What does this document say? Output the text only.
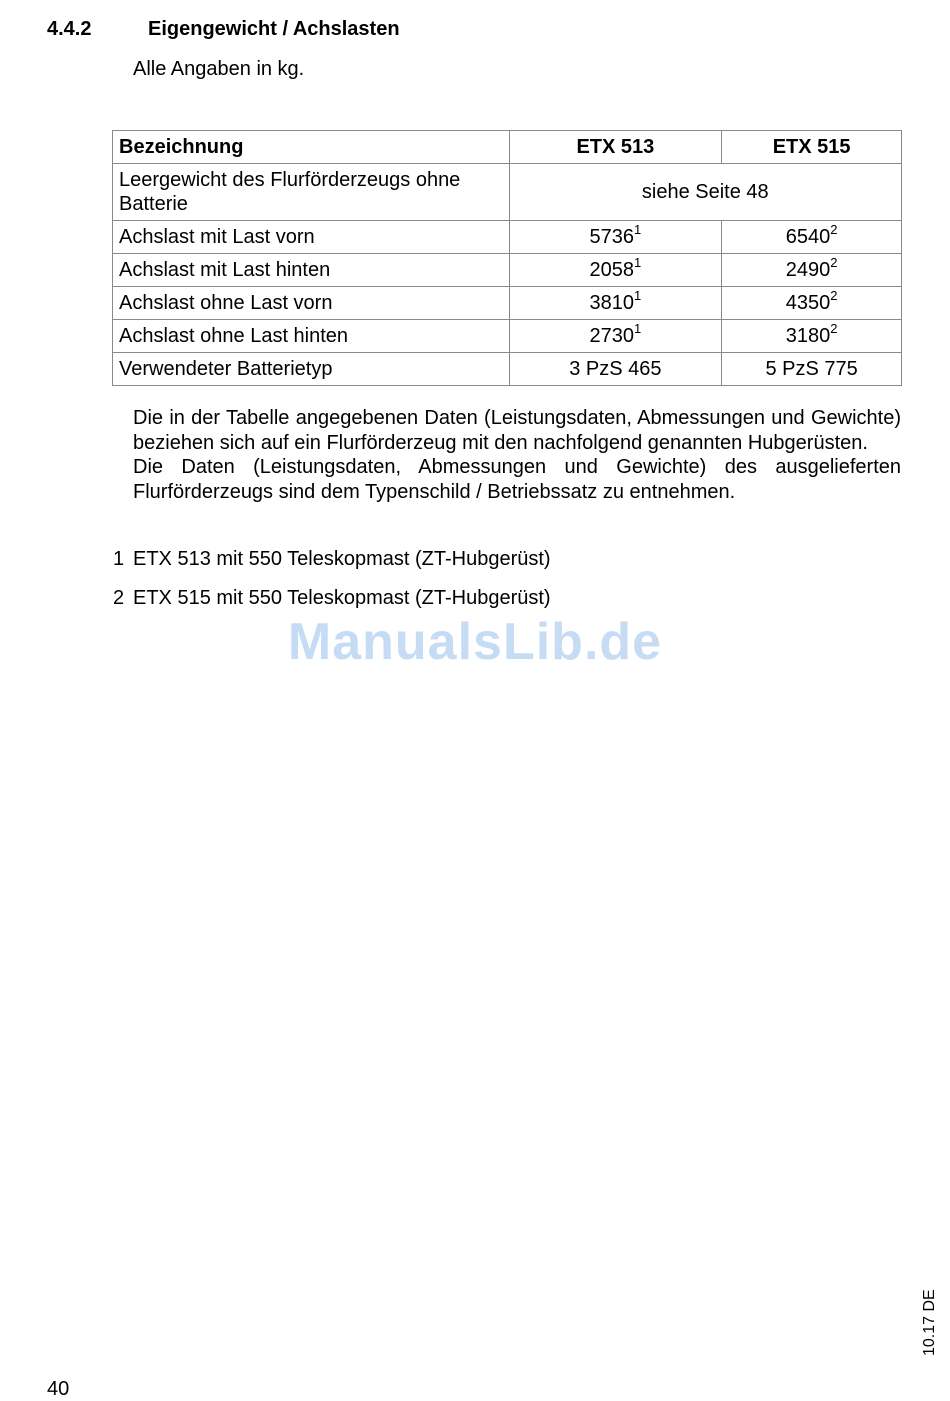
4.4.2	Eigengewicht / Achslasten
Alle Angaben in kg.
Bezeichnung	ETX 513	ETX 515
Leergewicht des Flurförderzeugs ohne Batterie	siehe Seite 48	
Achslast mit Last vorn	5736$^1$	6540$^2$
Achslast mit Last hinten	2058$^1$	2490$^2$
Achslast ohne Last vorn	3810$^1$	4350$^2$
Achslast ohne Last hinten	2730$^1$	3180$^2$
Verwendeter Batterietyp	3 PzS 465	5 PzS 775

Die in der Tabelle angegebenen Daten (Leistungsdaten, Abmessungen und Gewichte) beziehen sich auf ein Flurförderzeug mit den nachfolgend genannten Hubgerüsten.

Die Daten (Leistungsdaten, Abmessungen und Gewichte) des ausgelieferten Flurförderzeugs sind dem Typenschild / Betriebssatz zu entnehmen.

1 ETX 513 mit 550 Teleskopmast (ZT-Hubgerüst)
2 ETX 515 mit 550 Teleskopmast (ZT-Hubgerüst)
ManualsLib.de
10.17 DE
40
